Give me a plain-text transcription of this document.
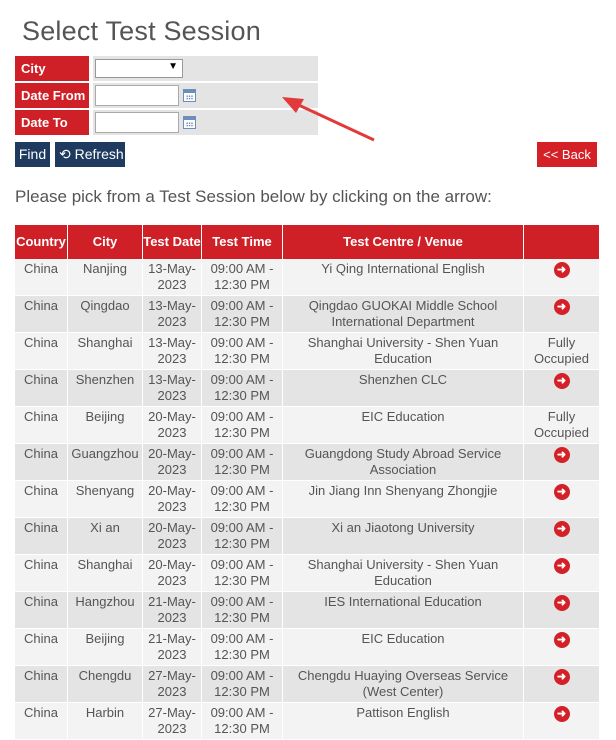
Select Test Session
City	▼
Date From
Date To
Find ⟲ Refresh	<< Back

Please pick from a Test Session below by clicking on the arrow:

Country	City	Test Date	Test Time	Test Centre / Venue	
China	Nanjing	13-May-2023	09:00 AM - 12:30 PM	Yi Qing International English	➜
China	Qingdao	13-May-2023	09:00 AM - 12:30 PM	Qingdao GUOKAI Middle School International Department	➜
China	Shanghai	13-May-2023	09:00 AM - 12:30 PM	Shanghai University - Shen Yuan Education	Fully Occupied
China	Shenzhen	13-May-2023	09:00 AM - 12:30 PM	Shenzhen CLC	➜
China	Beijing	20-May-2023	09:00 AM - 12:30 PM	EIC Education	Fully Occupied
China	Guangzhou	20-May-2023	09:00 AM - 12:30 PM	Guangdong Study Abroad Service Association	➜
China	Shenyang	20-May-2023	09:00 AM - 12:30 PM	Jin Jiang Inn Shenyang Zhongjie	➜
China	Xi an	20-May-2023	09:00 AM - 12:30 PM	Xi an Jiaotong University	➜
China	Shanghai	20-May-2023	09:00 AM - 12:30 PM	Shanghai University - Shen Yuan Education	➜
China	Hangzhou	21-May-2023	09:00 AM - 12:30 PM	IES International Education	➜
China	Beijing	21-May-2023	09:00 AM - 12:30 PM	EIC Education	➜
China	Chengdu	27-May-2023	09:00 AM - 12:30 PM	Chengdu Huaying Overseas Service (West Center)	➜
China	Harbin	27-May-2023	09:00 AM - 12:30 PM	Pattison English	➜
